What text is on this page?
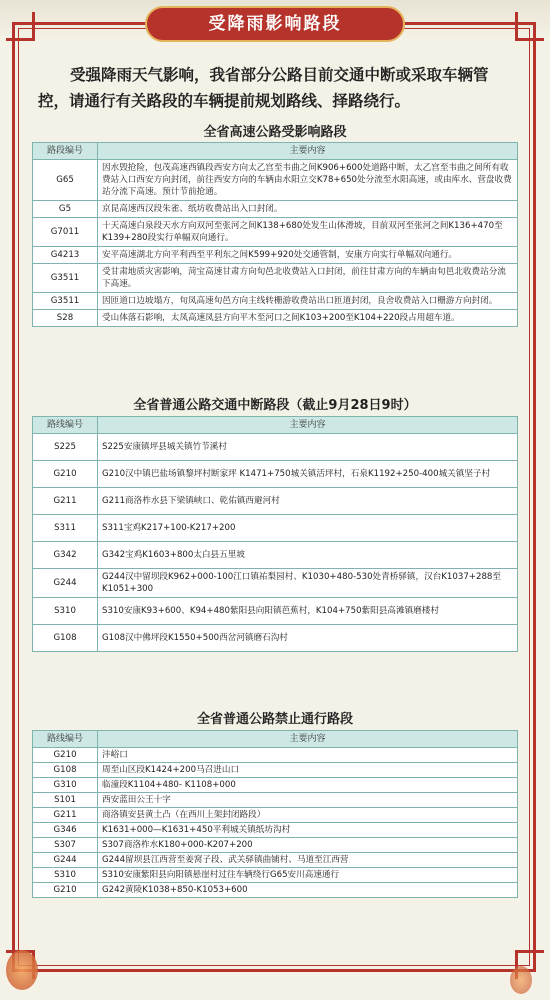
受降雨影响路段
受强降雨天气影响，我省部分公路目前交通中断或采取车辆管控，请通行有关路段的车辆提前规划路线、择路绕行。
全省高速公路受影响路段
路段编号	主要内容
G65	因水毁抢险，包茂高速西镇段西安方向太乙宫至韦曲之间K906+600处道路中断，太乙宫至韦曲之间所有收费站入口西安方向封闭，前往西安方向的车辆由水阳立交K78+650处分流至水阳高速，或由库水、营盘收费站分流下高速。预计节前抢通。
G5	京昆高速西汉段朱雀、纸坊收费站出入口封闭。
G7011	十天高速白泉段天水方向双河至张河之间K138+680处发生山体滑坡，目前双河至张河之间K136+470至K139+280段实行单幅双向通行。
G4213	安平高速湖北方向平利西至平利东之间K599+920处交通管制，安康方向实行单幅双向通行。
G3511	受甘肃地质灾害影响，菏宝高速甘肃方向旬邑北收费站入口封闭，前往甘肃方向的车辆由旬邑北收费站分流下高速。
G3511	因匝道口边坡塌方，旬凤高速旬邑方向主线转栅游收费站出口匝道封闭，良舍收费站入口栅游方向封闭。
S28	受山体落石影响，太凤高速凤县方向平木至河口之间K103+200至K104+220段占用超车道。
全省普通公路交通中断路段（截止9月28日9时）
路线编号	主要内容
S225	S225安康镇坪县城关镇竹节溪村
G210	G210汉中镇巴盐场镇黎坪村断家坪 K1471+750城关镇活坪村，石泉K1192+250-400城关镇坚子村
G211	G211商洛柞水县下梁镇峡口、乾佑镇西避河村
S311	S311宝鸡K217+100-K217+200
G342	G342宝鸡K1603+800太白县五里坡
G244	G244汉中留坝段K962+000-100江口镇祐梨园村、K1030+480-530处青桥驿镇，汉台K1037+288至K1051+300
S310	S310安康K93+600、K94+480紫阳县向阳镇芭蕉村，K104+750紫阳县高滩镇磨楼村
G108	G108汉中佛坪段K1550+500西岔河镇磨石沟村
全省普通公路禁止通行路段
路线编号	主要内容
G210	沣峪口
G108	周至山区段K1424+200马召进山口
G310	临潼段K1104+480- K1108+000
S101	西安蓝田公王十字
G211	商洛镇安县黄土凸（在西川上架封闭路段）
G346	K1631+000—K1631+450平利城关镇纸坊沟村
S307	S307商洛柞水K180+000-K207+200
G244	G244留坝县江西营至姜窝子段、武关驿镇曲铺村、马道至江西营
S310	S310安康紫阳县向阳镇悬崖村过往车辆绕行G65安川高速通行
G210	G242黄陵K1038+850-K1053+600
